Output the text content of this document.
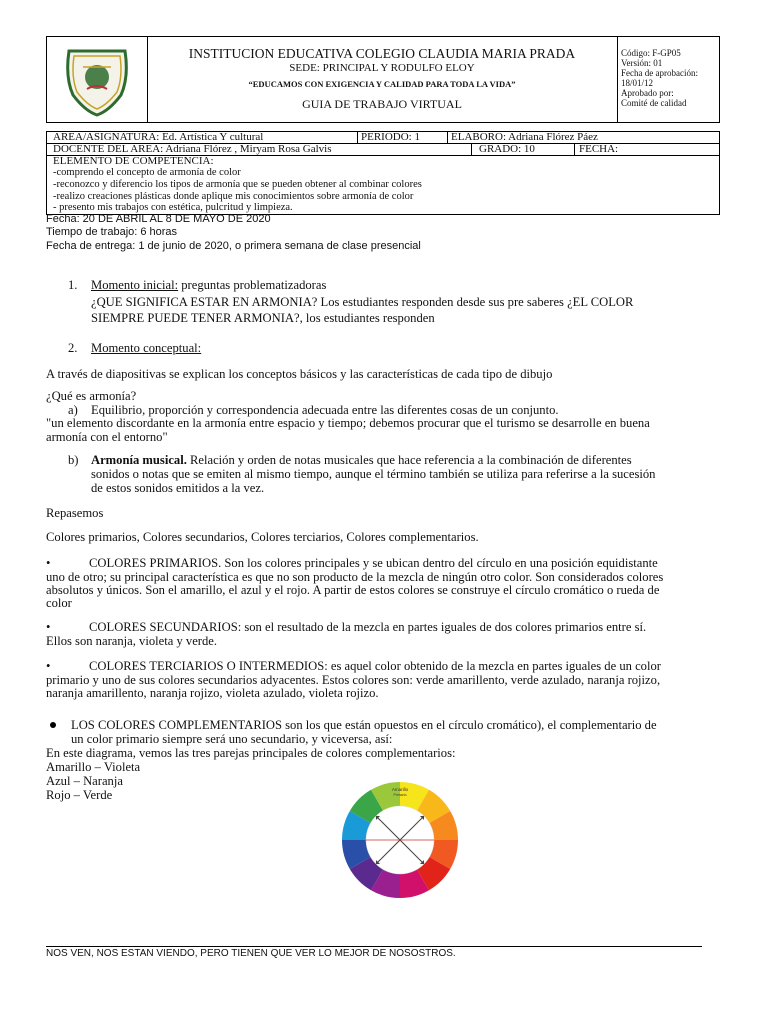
INSTITUCION EDUCATIVA COLEGIO CLAUDIA MARIA PRADA
SEDE: PRINCIPAL Y RODULFO ELOY
“EDUCAMOS CON EXIGENCIA Y CALIDAD PARA TODA LA VIDA”
GUIA DE TRABAJO VIRTUAL
Código: F-GP05
Versión: 01
Fecha de aprobación:
18/01/12
Aprobado por:
Comité de calidad
AREA/ASIGNATURA: Ed. Artística Y cultural	PERIODO: 1	ELABORO: Adriana Flórez Páez
DOCENTE DEL AREA: Adriana Flórez , Miryam Rosa Galvis	GRADO: 10	FECHA:
ELEMENTO DE COMPETENCIA:
-comprendo el concepto de armonía de color
-reconozco y diferencio los tipos de armonía que se pueden obtener al combinar colores
-realizo creaciones plásticas donde aplique mis conocimientos sobre armonía de color
- presento mis trabajos con estética, pulcritud y limpieza.
Fecha: 20 DE ABRIL AL 8 DE MAYO DE 2020
Tiempo de trabajo: 6 horas
Fecha de entrega: 1 de junio de 2020, o primera semana de clase presencial
1. Momento inicial: preguntas problematizadoras
¿QUE SIGNIFICA ESTAR EN ARMONIA? Los estudiantes responden desde sus pre saberes ¿EL COLOR
SIEMPRE PUEDE TENER ARMONIA?, los estudiantes responden
2. Momento conceptual:
A través de diapositivas se explican los conceptos básicos y las características de cada tipo de dibujo
¿Qué es armonía?
a) Equilibrio, proporción y correspondencia adecuada entre las diferentes cosas de un conjunto.
"un elemento discordante en la armonía entre espacio y tiempo; debemos procurar que el turismo se desarrolle en buena
armonía con el entorno"
b) Armonía musical. Relación y orden de notas musicales que hace referencia a la combinación de diferentes
sonidos o notas que se emiten al mismo tiempo, aunque el término también se utiliza para referirse a la sucesión
de estos sonidos emitidos a la vez.
Repasemos
Colores primarios, Colores secundarios, Colores terciarios, Colores complementarios.
•	COLORES PRIMARIOS. Son los colores principales y se ubican dentro del círculo en una posición equidistante
uno de otro; su principal característica es que no son producto de la mezcla de ningún otro color. Son considerados colores
absolutos y únicos. Son el amarillo, el azul y el rojo. A partir de estos colores se construye el círculo cromático o rueda de
color
•	COLORES SECUNDARIOS: son el resultado de la mezcla en partes iguales de dos colores primarios entre sí.
Ellos son naranja, violeta y verde.
•	COLORES TERCIARIOS O INTERMEDIOS: es aquel color obtenido de la mezcla en partes iguales de un color
primario y uno de sus colores secundarios adyacentes. Estos colores son: verde amarillento, verde azulado, naranja rojizo,
naranja amarillento, naranja rojizo, violeta azulado, violeta rojizo.
LOS COLORES COMPLEMENTARIOS son los que están opuestos en el círculo cromático), el complementario de
un color primario siempre será uno secundario, y viceversa, así:
En este diagrama, vemos las tres parejas principales de colores complementarios:
Amarillo – Violeta
Azul – Naranja
Rojo – Verde	Amarillo
Primario
NOS VEN, NOS ESTAN VIENDO, PERO TIENEN QUE VER LO MEJOR DE NOSOSTROS.
